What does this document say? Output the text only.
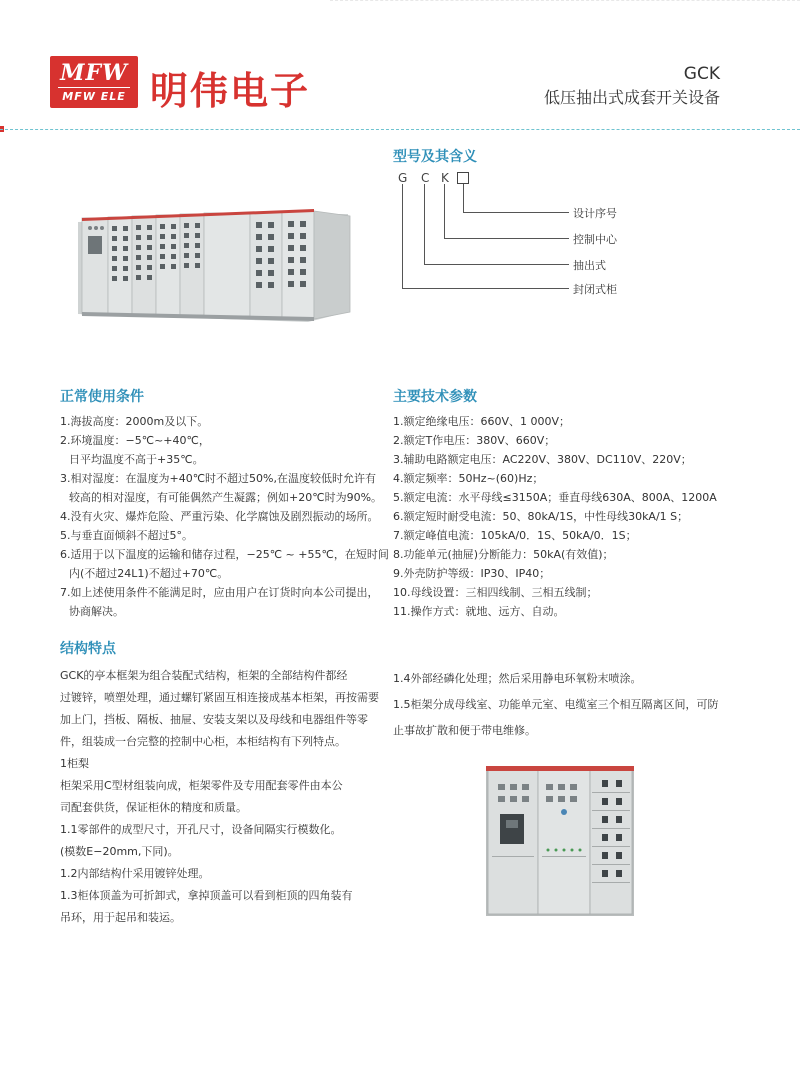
MFW
MFW ELE 明伟电子	GCK
低压抽出式成套开关设备
型号及其含义
G C K
设计序号
控制中心
抽出式
封闭式柜
正常使用条件
1.海拔高度：2000m及以下。
2.环境温度：−5℃~+40℃，
日平均温度不高于+35℃。
3.相对湿度：在温度为+40℃时不超过50%,在温度较低时允许有
较高的相对湿度，有可能偶然产生凝露；例如+20℃时为90%。
4.没有火灾、爆炸危险、严重污染、化学腐蚀及剧烈振动的场所。
5.与垂直面倾斜不超过5°。
6.适用于以下温度的运输和储存过程，−25℃ ~ +55℃，在短时间
内(不超过24L1)不超过+70℃。
7.如上述使用条件不能满足时，应由用户在订货时向本公司提出，
协商解决。
主要技术参数
1.额定绝缘电压：660V、1 000V；
2.额定T作电压：380V、660V；
3.辅助电路额定电压：AC220V、380V、DC110V、220V；
4.额定频率：50Hz~(60)Hz；
5.额定电流：水平母线≤3150A；垂直母线630A、800A、1200A
6.额定短时耐受电流：50、80kA/1S，中性母线30kA/1 S；
7.额定峰值电流：105kA/0．1S、50kA/0．1S；
8.功能单元(抽屉)分断能力：50kA(有效值)；
9.外壳防护等级：IP30、IP40；
10.母线设置：三相四线制、三相五线制；
11.操作方式：就地、远方、自动。
结构特点
GCK的亭本框架为组合装配式结构，柜架的全部结构件都经
过镀锌，喷塑处理，通过螺钉紧固互相连接成基本柜架，再按需要
加上门，挡板、隔板、抽屉、安装支架以及母线和电器组件等零
件，组装成一台完整的控制中心柜，本柜结构有下列特点。
1柜梨
柜架采用C型材组装向成，柜架零件及专用配套零件由本公
司配套供货，保证柜休的精度和质量。
1.1零部件的成型尺寸，开孔尺寸，设备间隔实行模数化。
(模数E−20mm,下同)。
1.2内部结构什采用镀锌处理。
1.3柜体顶盖为可折卸式，拿掉顶盖可以看到柜顶的四角装有
吊环，用于起吊和装运。
1.4外部经磷化处理；然后采用静电环氧粉末喷涂。
1.5柜架分成母线室、功能单元室、电缆室三个相互隔离区间，可防
止事故扩散和便于带电维修。
